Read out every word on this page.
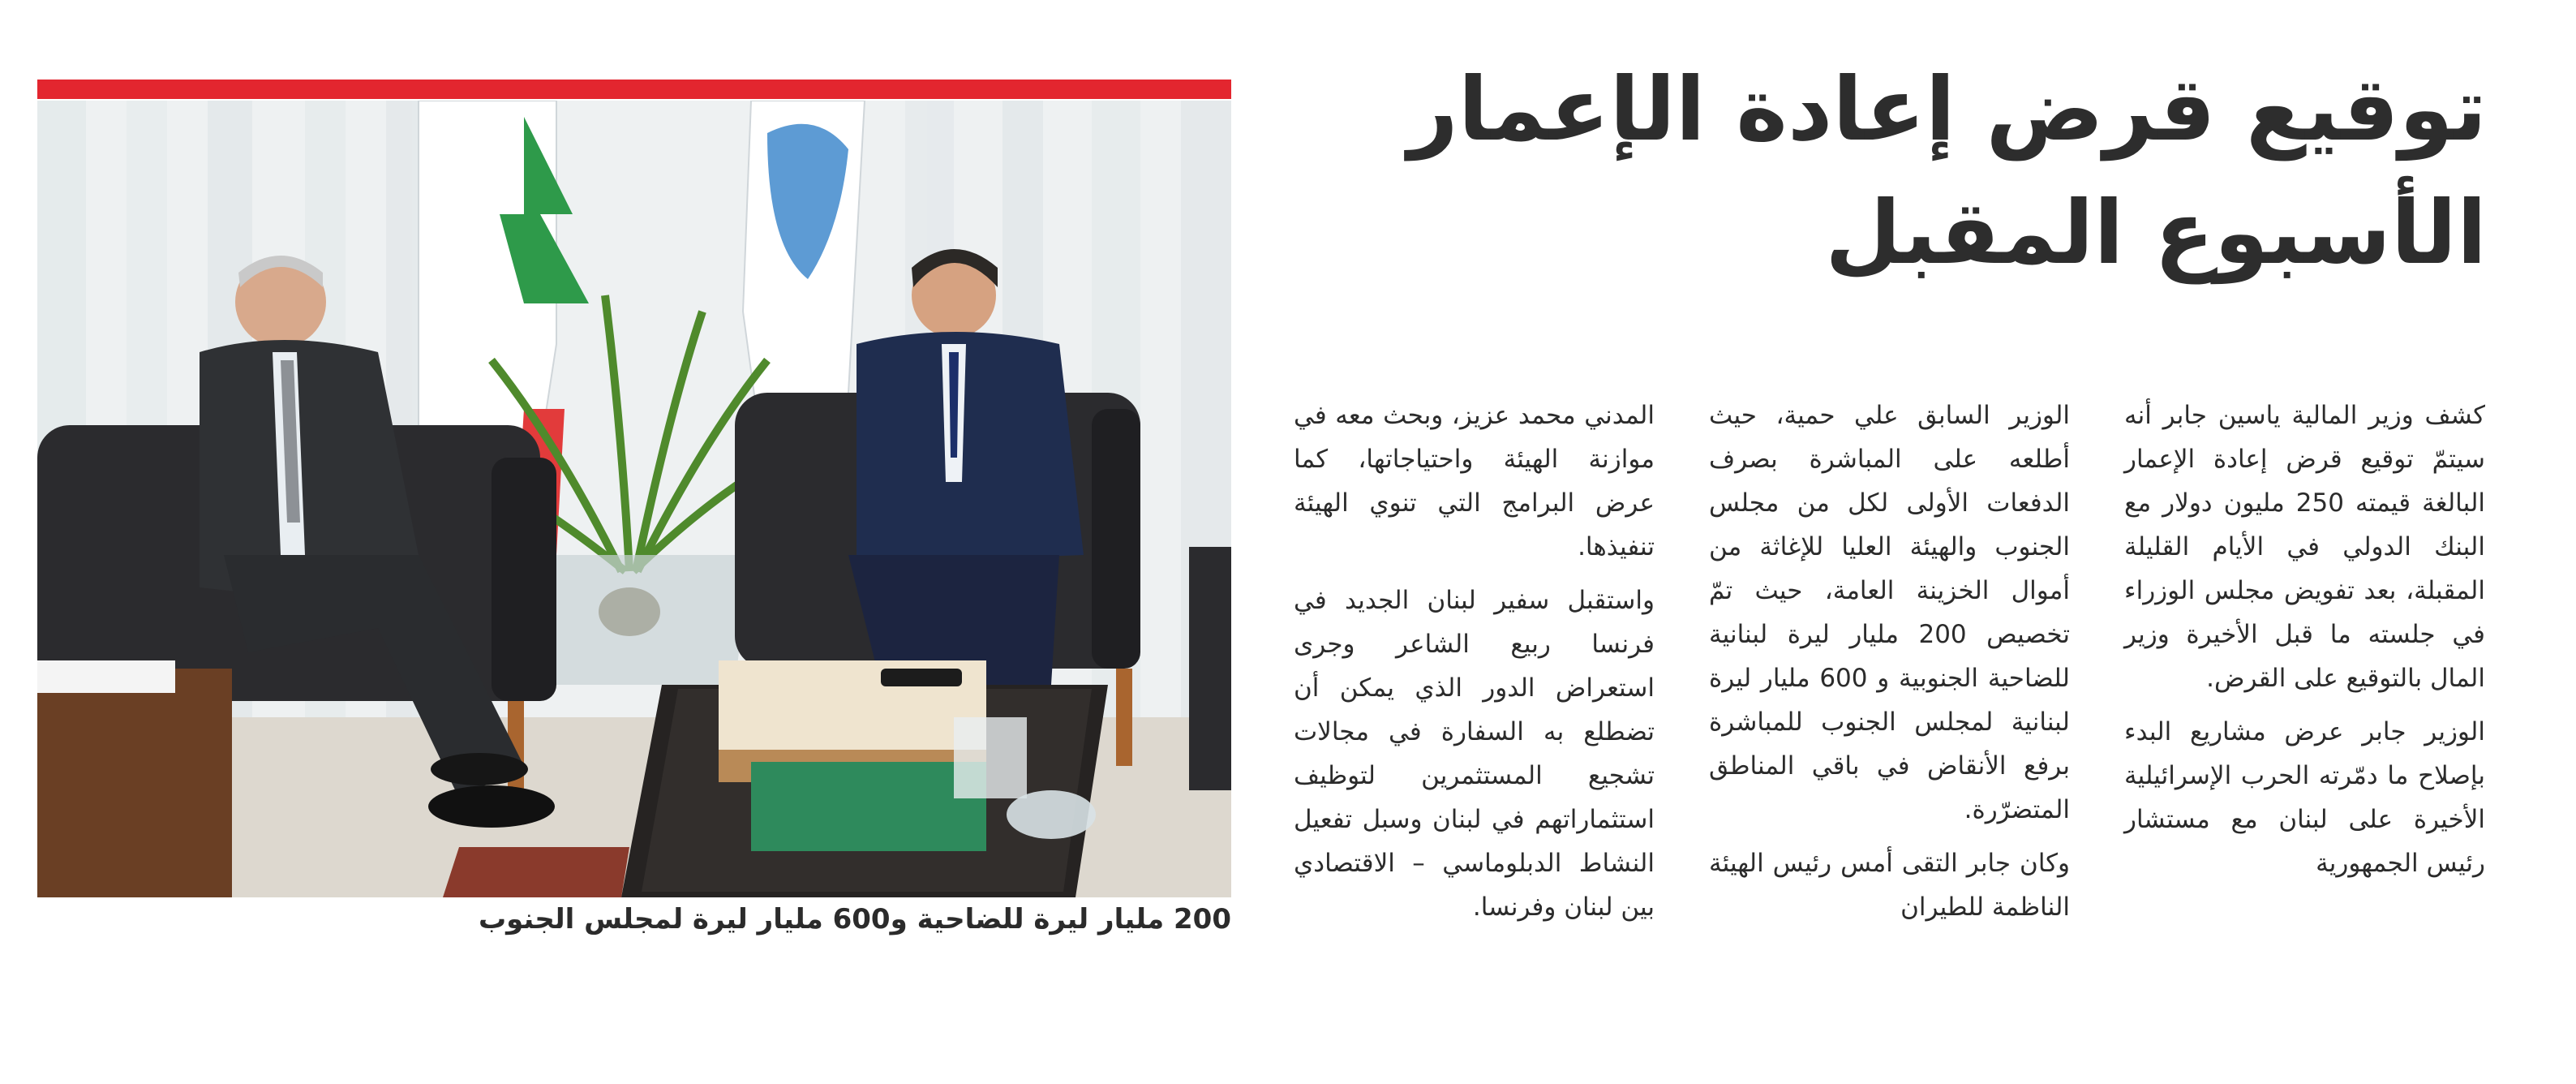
توقيع قرض إعادة الإعمار
الأسبوع المقبل

كشف وزير المالية ياسين جابر أنه سيتمّ توقيع قرض إعادة الإعمار البالغة قيمته 250 مليون دولار مع البنك الدولي في الأيام القليلة المقبلة، بعد تفويض مجلس الوزراء في جلسته ما قبل الأخيرة وزير المال بالتوقيع على القرض.

الوزير جابر عرض مشاريع البدء بإصلاح ما دمّرته الحرب الإسرائيلية الأخيرة على لبنان مع مستشار رئيس الجمهورية

الوزير السابق علي حمية، حيث أطلعه على المباشرة بصرف الدفعات الأولى لكل من مجلس الجنوب والهيئة العليا للإغاثة من أموال الخزينة العامة، حيث تمّ تخصيص 200 مليار ليرة لبنانية للضاحية الجنوبية و 600 مليار ليرة لبنانية لمجلس الجنوب للمباشرة برفع الأنقاض في باقي المناطق المتضرّرة.

وكان جابر التقى أمس رئيس الهيئة الناظمة للطيران

المدني محمد عزيز، وبحث معه في موازنة الهيئة واحتياجاتها، كما عرض البرامج التي تنوي الهيئة تنفيذها.

واستقبل سفير لبنان الجديد في فرنسا ربيع الشاعر وجرى استعراض الدور الذي يمكن أن تضطلع به السفارة في مجالات تشجيع المستثمرين لتوظيف استثماراتهم في لبنان وسبل تفعيل النشاط الدبلوماسي – الاقتصادي بين لبنان وفرنسا.

200 مليار ليرة للضاحية و600 مليار ليرة لمجلس الجنوب
